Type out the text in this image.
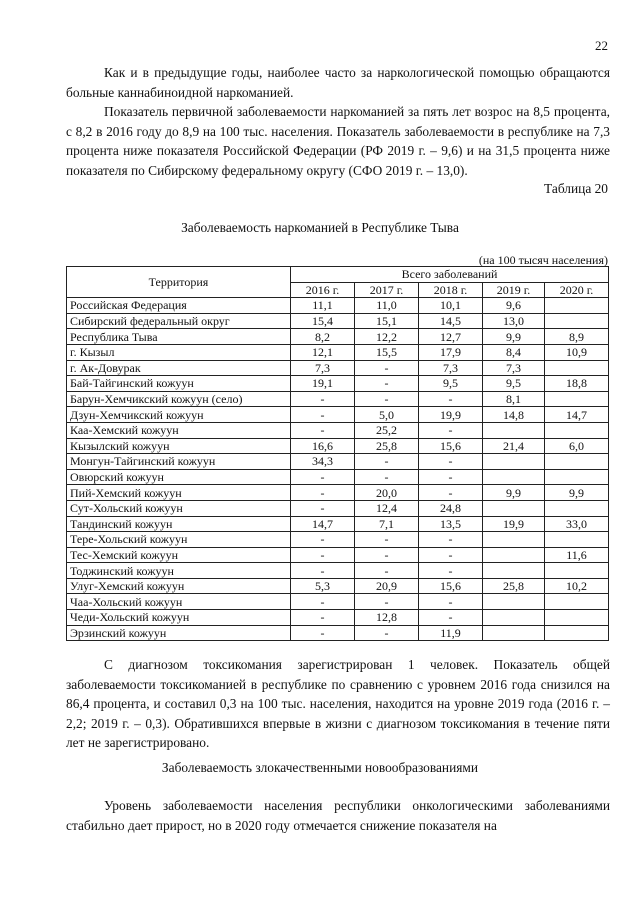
22

Как и в предыдущие годы, наиболее часто за наркологической помощью обращаются больные каннабиноидной наркоманией.

Показатель первичной заболеваемости наркоманией за пять лет возрос на 8,5 процента, с 8,2 в 2016 году до 8,9 на 100 тыс. населения. Показатель заболеваемости в республике на 7,3 процента ниже показателя Российской Федерации (РФ 2019 г. – 9,6) и на 31,5 процента ниже показателя по Сибирскому федеральному округу (СФО 2019 г. – 13,0).

Таблица 20
Заболеваемость наркоманией в Республике Тыва
(на 100 тысяч населения)
Территория	Всего заболеваний				
	2016 г.	2017 г.	2018 г.	2019 г.	2020 г.
Российская Федерация	11,1	11,0	10,1	9,6	
Сибирский федеральный округ	15,4	15,1	14,5	13,0	
Республика Тыва	8,2	12,2	12,7	9,9	8,9
г. Кызыл	12,1	15,5	17,9	8,4	10,9
г. Ак-Довурак	7,3	-	7,3	7,3	
Бай-Тайгинский кожуун	19,1	-	9,5	9,5	18,8
Барун-Хемчикский кожуун (село)	-	-	-	8,1	
Дзун-Хемчикский кожуун	-	5,0	19,9	14,8	14,7
Каа-Хемский кожуун	-	25,2	-		
Кызылский кожуун	16,6	25,8	15,6	21,4	6,0
Монгун-Тайгинский кожуун	34,3	-	-		
Овюрский кожуун	-	-	-		
Пий-Хемский кожуун	-	20,0	-	9,9	9,9
Сут-Хольский кожуун	-	12,4	24,8		
Тандинский кожуун	14,7	7,1	13,5	19,9	33,0
Тере-Хольский кожуун	-	-	-		
Тес-Хемский кожуун	-	-	-		11,6
Тоджинский кожуун	-	-	-		
Улуг-Хемский кожуун	5,3	20,9	15,6	25,8	10,2
Чаа-Хольский кожуун	-	-	-		
Чеди-Хольский кожуун	-	12,8	-		
Эрзинский кожуун	-	-	11,9		

С диагнозом токсикомания зарегистрирован 1 человек. Показатель общей заболеваемости токсикоманией в республике по сравнению с уровнем 2016 года снизился на 86,4 процента, и составил 0,3 на 100 тыс. населения, находится на уровне 2019 года (2016 г. – 2,2; 2019 г. – 0,3). Обратившихся впервые в жизни с диагнозом токсикомания в течение пяти лет не зарегистрировано.

Заболеваемость злокачественными новообразованиями

Уровень заболеваемости населения республики онкологическими заболеваниями стабильно дает прирост, но в 2020 году отмечается снижение показателя на
